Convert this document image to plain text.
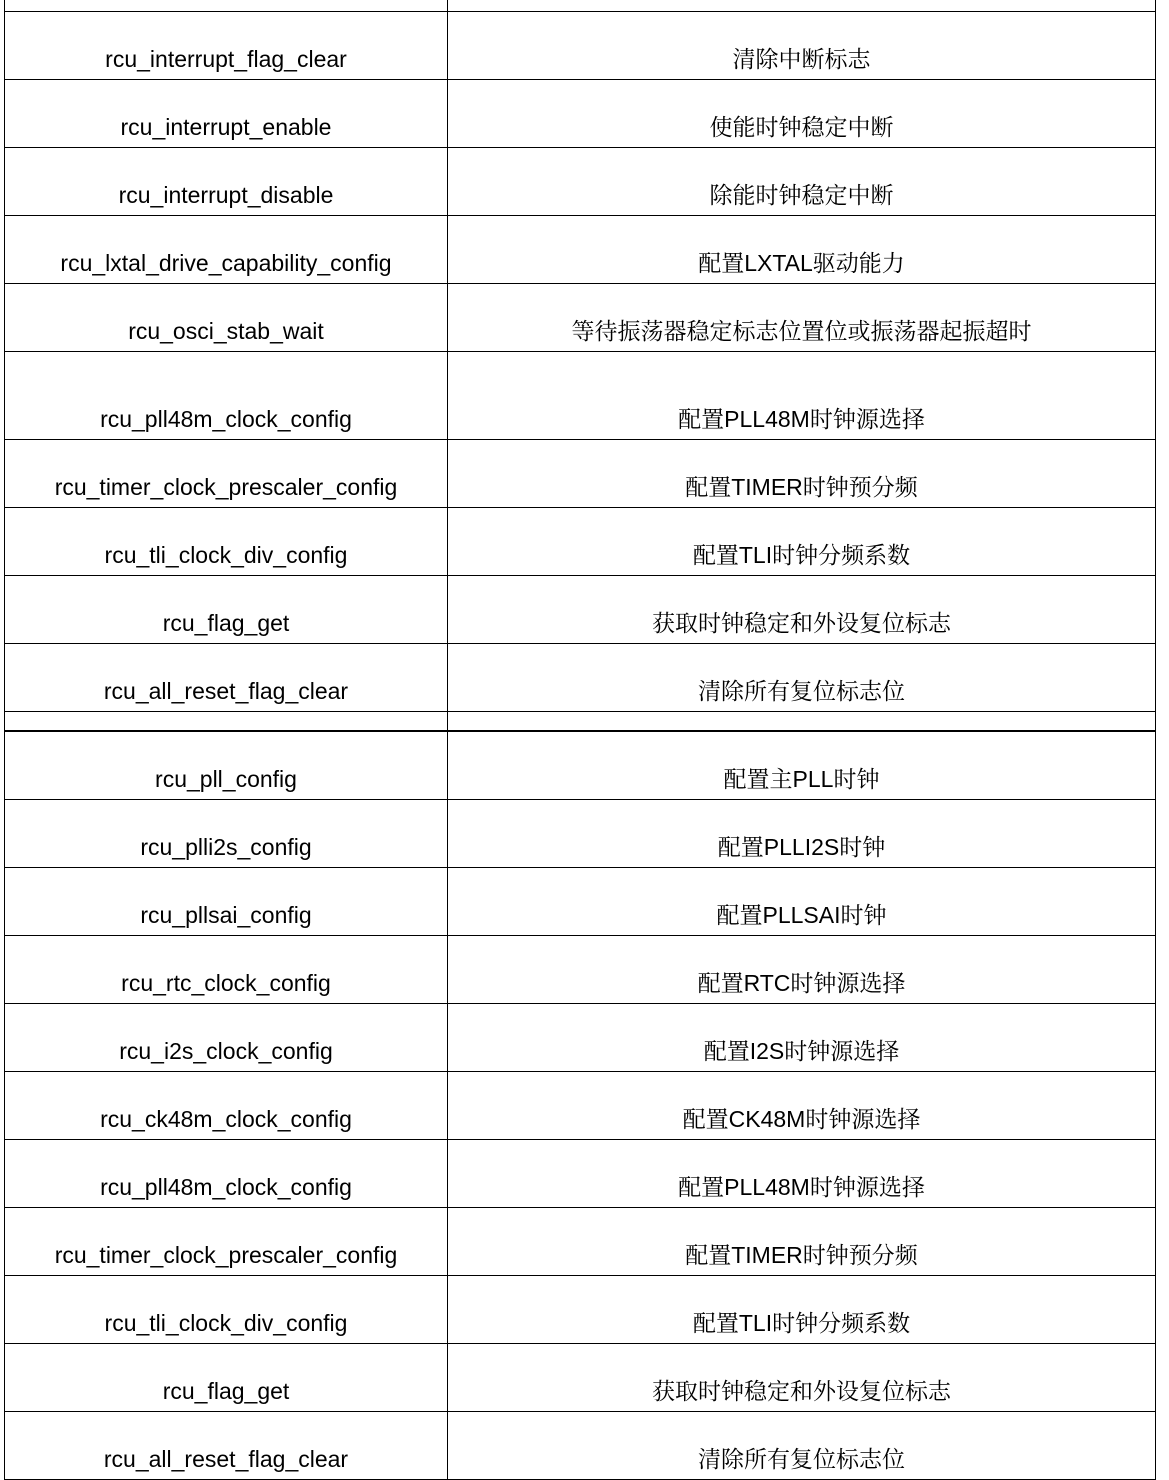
rcu_interrupt_flag_clear	清除中断标志

rcu_interrupt_enable	使能时钟稳定中断

rcu_interrupt_disable	除能时钟稳定中断

rcu_lxtal_drive_capability_config	配置LXTAL驱动能力

rcu_osci_stab_wait	等待振荡器稳定标志位置位或振荡器起振超时

rcu_pll48m_clock_config	配置PLL48M时钟源选择

rcu_timer_clock_prescaler_config	配置TIMER时钟预分频

rcu_tli_clock_div_config	配置TLI时钟分频系数

rcu_flag_get	获取时钟稳定和外设复位标志

rcu_all_reset_flag_clear	清除所有复位标志位
rcu_pll_config	配置主PLL时钟

rcu_plli2s_config	配置PLLI2S时钟

rcu_pllsai_config	配置PLLSAI时钟

rcu_rtc_clock_config	配置RTC时钟源选择

rcu_i2s_clock_config	配置I2S时钟源选择

rcu_ck48m_clock_config	配置CK48M时钟源选择

rcu_pll48m_clock_config	配置PLL48M时钟源选择

rcu_timer_clock_prescaler_config	配置TIMER时钟预分频

rcu_tli_clock_div_config	配置TLI时钟分频系数

rcu_flag_get	获取时钟稳定和外设复位标志

rcu_all_reset_flag_clear	清除所有复位标志位
